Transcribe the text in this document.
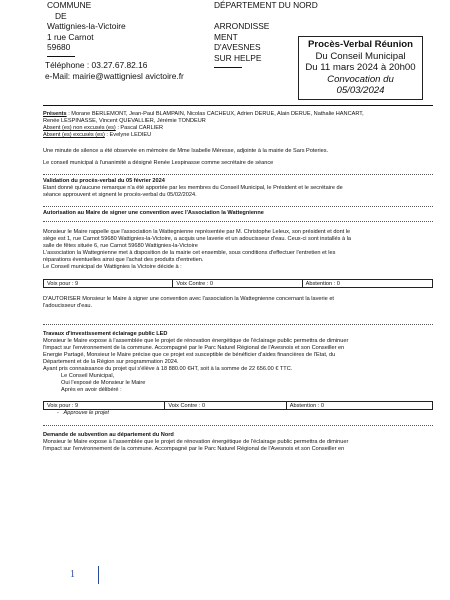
COMMUNE
DE
Wattignies-la-Victoire
1 rue Carnot
59680
Téléphone : 03.27.67.82.16
e-Mail: mairie@wattigniesl avictoire.fr
DÉPARTEMENT DU NORD
ARRONDISSE
MENT
D'AVESNES
SUR HELPE
Procès-Verbal Réunion
Du Conseil Municipal
Du 11 mars 2024 à 20h00
Convocation du 05/03/2024

Présents : Morane BERLEMONT, Jean-Paul BLAMPAIN, Nicolas CACHEUX, Adrien DERUE, Alain DERUE, Nathalie HANCART,

Renée LESPINASSE, Vincent QUEVALLIER, Jérémie TONDEUR

Absent (es) non excusés (es) : Pascal CARLIER

Absent (es) excusés (es) : Evelyne LEDIEU

Une minute de silence a été observée en mémoire de Mme Isabelle Méresse, adjointe à la mairie de Sars Poteries.

Le conseil municipal à l'unanimité a désigné Renée Lespinasse comme secrétaire de séance

Validation du procès-verbal du 05 février 2024

Etant donné qu'aucune remarque n'a été apportée par les membres du Conseil Municipal, le Président et le secrétaire de

séance approuvent et signent le procès-verbal du 05/02/2024.

Autorisation au Maire de signer une convention avec l'Association la Wattegnienne

Monsieur le Maire rappelle que l'association la Wattegnienne représentée par M. Christophe Leleux, son président et dont le

siège est 1, rue Carnot 59680 Wattignies-la-Victoire, a acquis une laverie et un adoucisseur d'eau. Ceux-ci sont installés à la

salle de fêtes située 6, rue Carnot 59680 Wattignies-la-Victoire

L'association la Wattegnienne met à disposition de la mairie cet ensemble, sous conditions d'effectuer l'entretien et les

réparations éventuelles ainsi que l'achat des produits d'entretien.

Le Conseil municipal de Wattignies la Victoire décide à :

Voix pour : 9	Voix Contre : 0	Abstention : 0

D'AUTORISER Monsieur le Maire à signer une convention avec l'association la Wattegnienne concernant la laverie et

l'adoucisseur d'eau.

Travaux d'investissement éclairage public LED

Monsieur le Maire expose à l'assemblée que le projet de rénovation énergétique de l'éclairage public permettra de diminuer

l'impact sur l'environnement de la commune. Accompagné par le Parc Naturel Régional de l'Avesnois et son Conseiller en

Energie Partagé, Monsieur le Maire précise que ce projet est susceptible de bénéficier d'aides financières de l'Etat, du

Département et de la Région sur programmation 2024.

Ayant pris connaissance du projet qui s'élève à 18 880.00 €HT, soit à la somme de 22 656.00 € TTC.

Le Conseil Municipal,

Oui l'exposé de Monsieur le Maire

Après en avoir délibéré :

Voix pour : 9	Voix Contre : 0	Abstention : 0

-   Approuve le projet

Demande de subvention au département du Nord

Monsieur le Maire expose à l'assemblée que le projet de rénovation énergétique de l'éclairage public permettra de diminuer

l'impact sur l'environnement de la commune. Accompagné par le Parc Naturel Régional de l'Avesnois et son Conseiller en

1
